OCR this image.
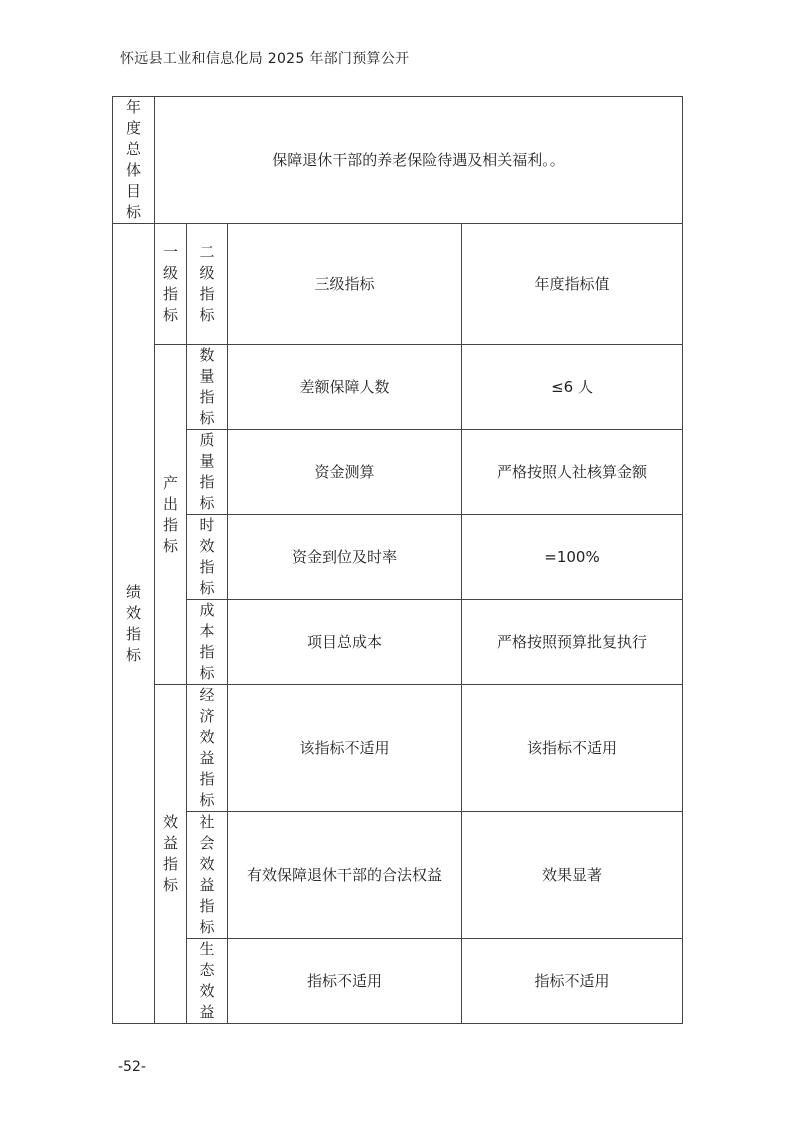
怀远县工业和信息化局 2025 年部门预算公开
年度总体目标	保障退休干部的养老保险待遇及相关福利。。			
绩效指标	一级指标	二级指标	三级指标	年度指标值
	产出指标	数量指标	差额保障人数	≤6 人
		质量指标	资金测算	严格按照人社核算金额
		时效指标	资金到位及时率	=100%
		成本指标	项目总成本	严格按照预算批复执行
	效益指标	经济效益指标	该指标不适用	该指标不适用
		社会效益指标	有效保障退休干部的合法权益	效果显著
		生态效益	指标不适用	指标不适用
-52-
